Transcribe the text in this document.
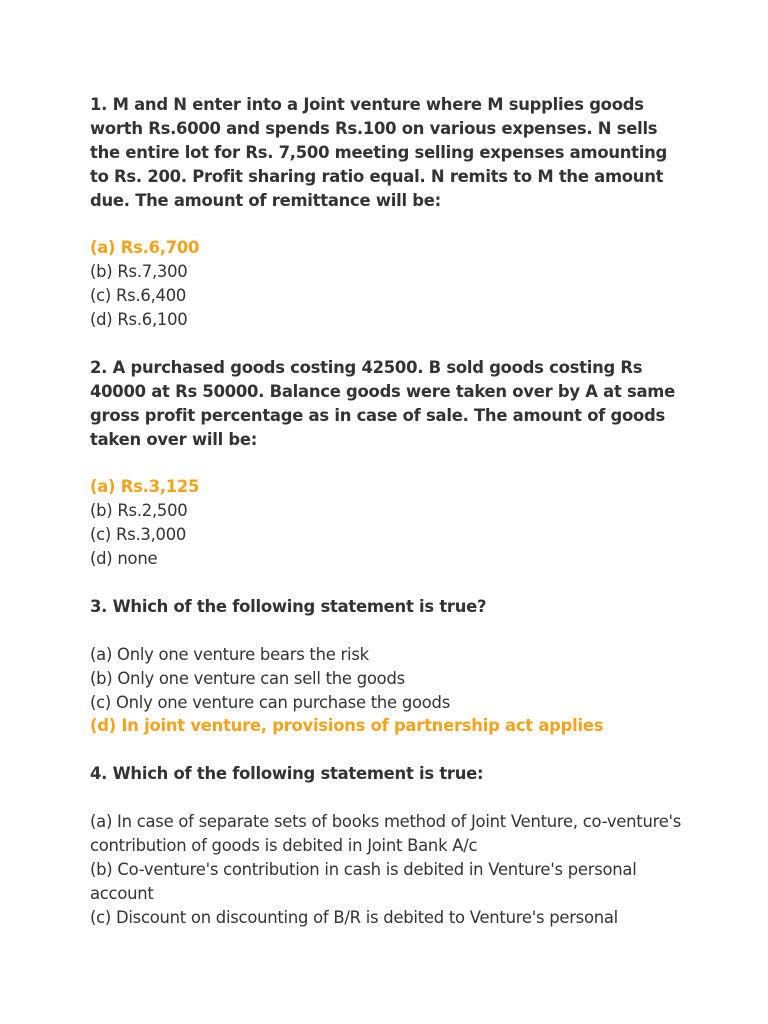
1. M and N enter into a Joint venture where M supplies goods worth Rs.6000 and spends Rs.100 on various expenses. N sells the entire lot for Rs. 7,500 meeting selling expenses amounting to Rs. 200. Profit sharing ratio equal. N remits to M the amount due. The amount of remittance will be:

(a) Rs.6,700
(b) Rs.7,300
(c) Rs.6,400
(d) Rs.6,100

2. A purchased goods costing 42500. B sold goods costing Rs 40000 at Rs 50000. Balance goods were taken over by A at same gross profit percentage as in case of sale. The amount of goods taken over will be:

(a) Rs.3,125
(b) Rs.2,500
(c) Rs.3,000
(d) none

3. Which of the following statement is true?

(a) Only one venture bears the risk
(b) Only one venture can sell the goods
(c) Only one venture can purchase the goods
(d) In joint venture, provisions of partnership act applies

4. Which of the following statement is true:

(a) In case of separate sets of books method of Joint Venture, co-venture's contribution of goods is debited in Joint Bank A/c
(b) Co-venture's contribution in cash is debited in Venture's personal account
(c) Discount on discounting of B/R is debited to Venture's personal
